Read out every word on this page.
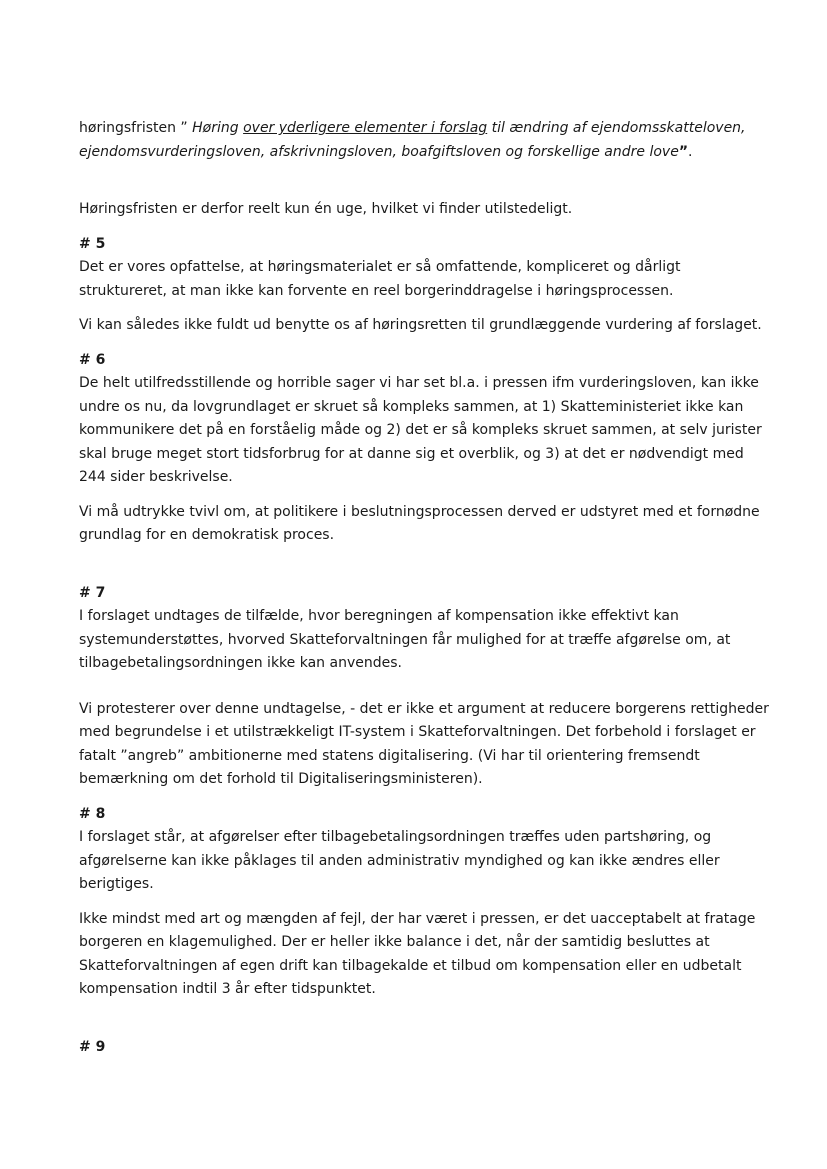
høringsfristen ” Høring over yderligere elementer i forslag til ændring af ejendomsskatteloven, ejendomsvurderingsloven, afskrivningsloven, boafgiftsloven og forskellige andre love”.

Høringsfristen er derfor reelt kun én uge, hvilket vi finder utilstedeligt.

# 5

Det er vores opfattelse, at høringsmaterialet er så omfattende, kompliceret og dårligt struktureret, at man ikke kan forvente en reel borgerinddragelse i høringsprocessen.

Vi kan således ikke fuldt ud benytte os af høringsretten til grundlæggende vurdering af forslaget.

# 6

De helt utilfredsstillende og horrible sager vi har set bl.a. i pressen ifm vurderingsloven, kan ikke undre os nu, da lovgrundlaget er skruet så kompleks sammen, at 1) Skatteministeriet ikke kan kommunikere det på en forståelig måde og 2) det er så kompleks skruet sammen, at selv jurister skal bruge meget stort tidsforbrug for at danne sig et overblik, og 3) at det er nødvendigt med 244 sider beskrivelse.

Vi må udtrykke tvivl om, at politikere i beslutningsprocessen derved er udstyret med et fornødne grundlag for en demokratisk proces.

# 7

I forslaget undtages de tilfælde, hvor beregningen af kompensation ikke effektivt kan systemunderstøttes, hvorved Skatteforvaltningen får mulighed for at træffe afgørelse om, at tilbagebetalingsordningen ikke kan anvendes.

Vi protesterer over denne undtagelse, - det er ikke et argument at reducere borgerens rettigheder med begrundelse i et utilstrækkeligt IT-system i Skatteforvaltningen. Det forbehold i forslaget er fatalt ”angreb” ambitionerne med statens digitalisering. (Vi har til orientering fremsendt bemærkning om det forhold til Digitaliseringsministeren).

# 8

I forslaget står, at afgørelser efter tilbagebetalingsordningen træffes uden partshøring, og afgørelserne kan ikke påklages til anden administrativ myndighed og kan ikke ændres eller berigtiges.

Ikke mindst med art og mængden af fejl, der har været i pressen, er det uacceptabelt at fratage borgeren en klagemulighed. Der er heller ikke balance i det, når der samtidig besluttes at Skatteforvaltningen af egen drift kan tilbagekalde et tilbud om kompensation eller en udbetalt kompensation indtil 3 år efter tidspunktet.

# 9
